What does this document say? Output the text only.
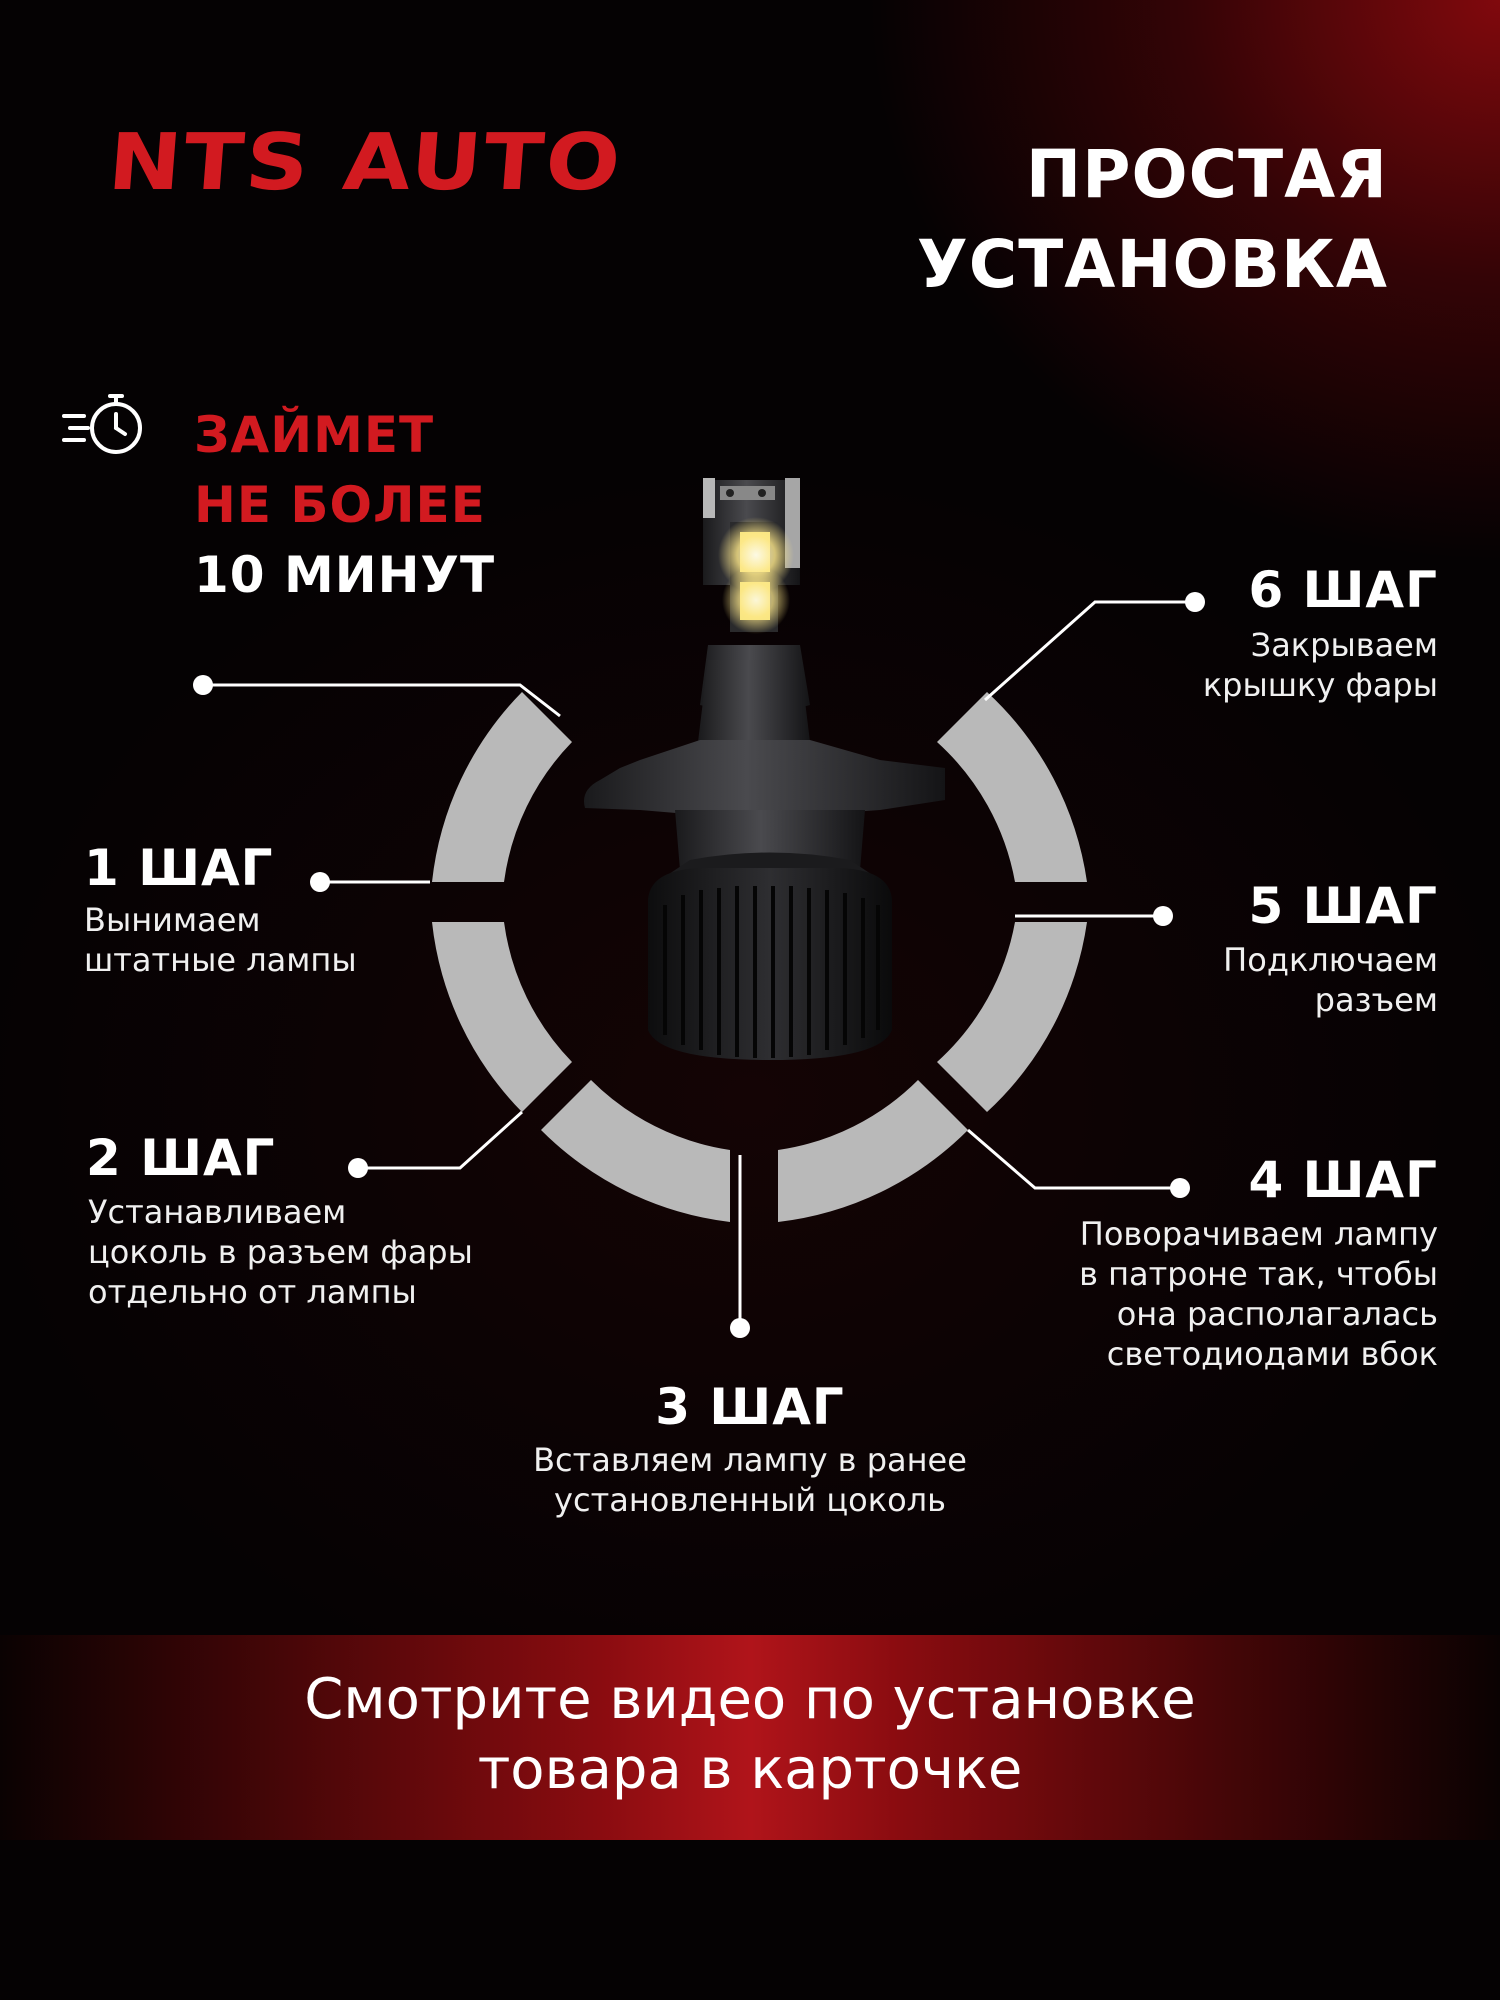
NTS AUTO	ПРОСТАЯ
УСТАНОВКА
ЗАЙМЕТ
НЕ БОЛЕЕ
10 МИНУТ	6 ШАГ
Закрываем
крышку фары
1 ШАГ
Вынимаем
штатные лампы
5 ШАГ
Подключаем
разъем
2 ШАГ
Устанавливаем
цоколь в разъем фары
отдельно от лампы
4 ШАГ
Поворачиваем лампу
в патроне так, чтобы
она располагалась
светодиодами вбок
3 ШАГ
Вставляем лампу в ранее
установленный цоколь
Смотрите видео по установке
товара в карточке
